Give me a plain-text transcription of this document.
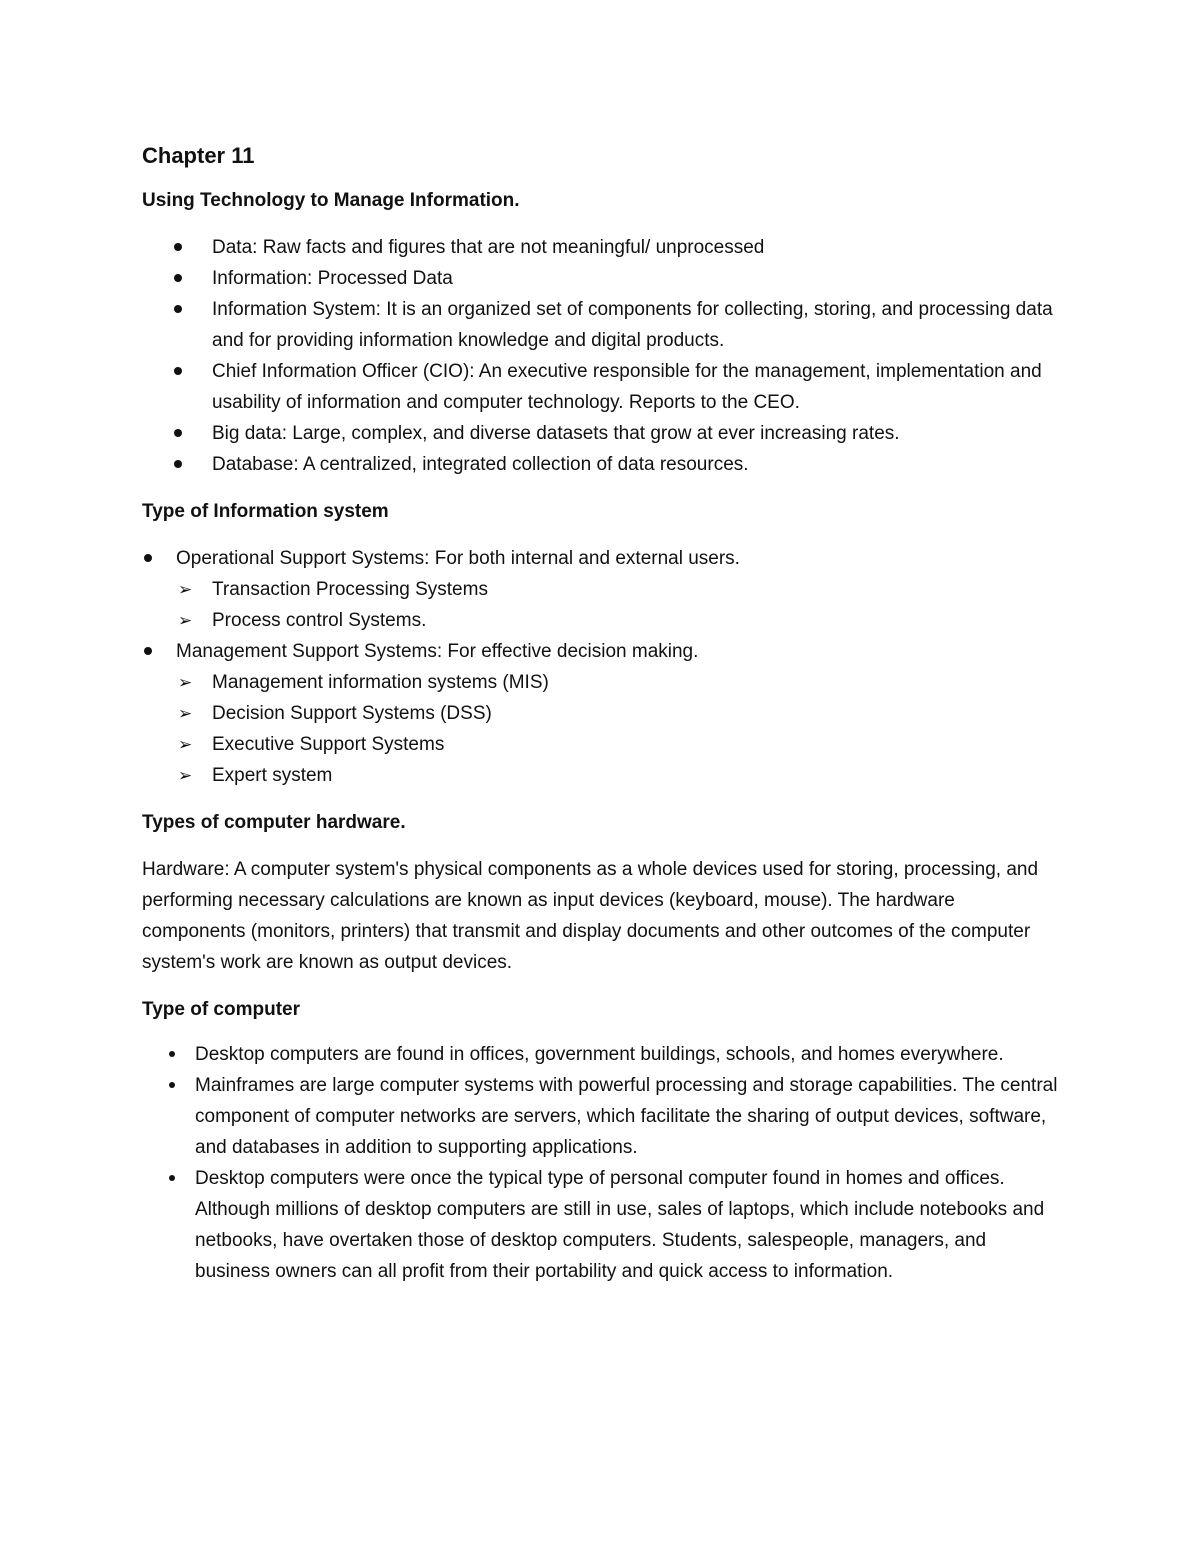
Chapter 11

Using Technology to Manage Information.

Data: Raw facts and figures that are not meaningful/ unprocessed
Information: Processed Data
Information System: It is an organized set of components for collecting, storing, and processing data and for providing information knowledge and digital products.
Chief Information Officer (CIO): An executive responsible for the management, implementation and usability of information and computer technology. Reports to the CEO.
Big data: Large, complex, and diverse datasets that grow at ever increasing rates.
Database: A centralized, integrated collection of data resources.

Type of Information system

Operational Support Systems: For both internal and external users.
➢ Transaction Processing Systems
➢ Process control Systems.
Management Support Systems: For effective decision making.
➢ Management information systems (MIS)
➢ Decision Support Systems (DSS)
➢ Executive Support Systems
➢ Expert system

Types of computer hardware.

Hardware: A computer system's physical components as a whole devices used for storing, processing, and performing necessary calculations are known as input devices (keyboard, mouse). The hardware components (monitors, printers) that transmit and display documents and other outcomes of the computer system's work are known as output devices.

Type of computer

Desktop computers are found in offices, government buildings, schools, and homes everywhere.
Mainframes are large computer systems with powerful processing and storage capabilities. The central component of computer networks are servers, which facilitate the sharing of output devices, software, and databases in addition to supporting applications.
Desktop computers were once the typical type of personal computer found in homes and offices. Although millions of desktop computers are still in use, sales of laptops, which include notebooks and netbooks, have overtaken those of desktop computers. Students, salespeople, managers, and business owners can all profit from their portability and quick access to information.
